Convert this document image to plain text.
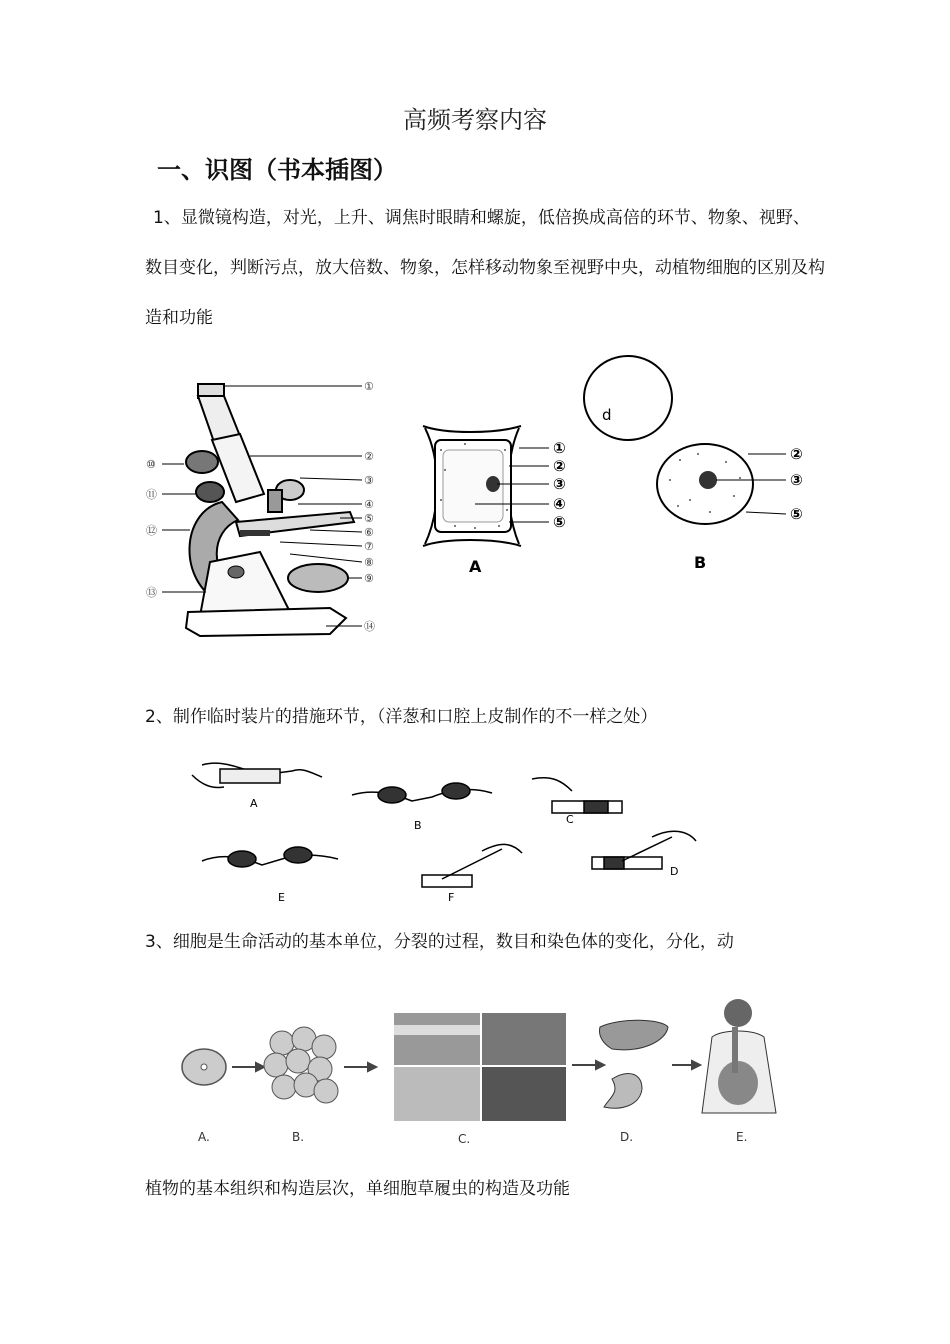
高频考察内容
一、识图（书本插图）
1、显微镜构造，对光，上升、调焦时眼睛和螺旋，低倍换成高倍的环节、物象、视野、数目变化，判断污点，放大倍数、物象，怎样移动物象至视野中央，动植物细胞的区别及构造和功能
①
②
③
④
⑤
⑥
⑦
⑧
⑨
⑩
⑪
⑫
⑬
⑭
①
②
③
④
⑤
A
d
②
③
⑤
B
2、制作临时装片的措施环节，（洋葱和口腔上皮制作的不一样之处）
A
B	C
E	F
D
3、细胞是生命活动的基本单位，分裂的过程，数目和染色体的变化，分化，动
A.	B.	C.	D.	E.
植物的基本组织和构造层次，单细胞草履虫的构造及功能
